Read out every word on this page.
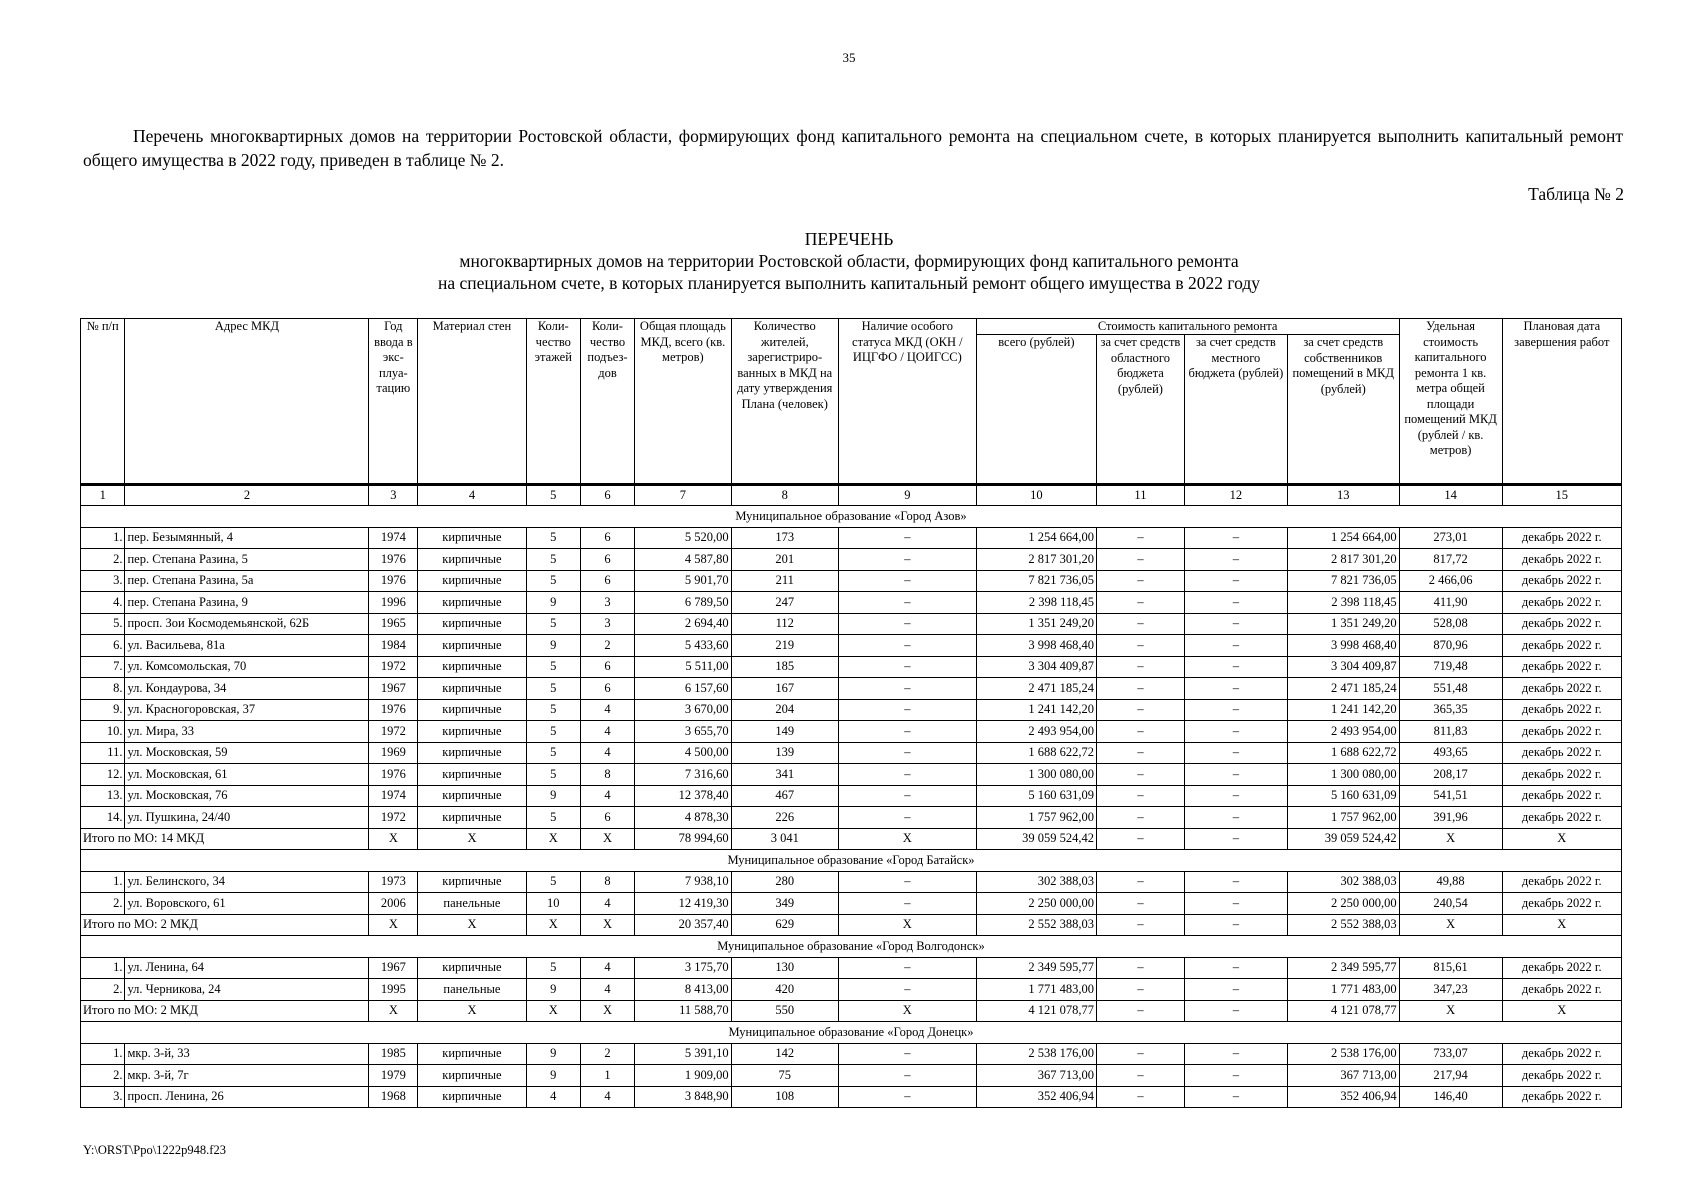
35
Перечень многоквартирных домов на территории Ростовской области, формирующих фонд капитального ремонта на специальном счете, в которых планируется выполнить капитальный ремонт общего имущества в 2022 году, приведен в таблице № 2.
Таблица № 2
ПЕРЕЧЕНЬ
многоквартирных домов на территории Ростовской области, формирующих фонд капитального ремонта
на специальном счете, в которых планируется выполнить капитальный ремонт общего имущества в 2022 году
№ п/п	Адрес МКД	Год ввода в экс- плуа- тацию	Материал стен	Коли- чество этажей	Коли- чество подъез- дов	Общая площадь МКД, всего (кв. метров)	Количество жителей, зарегистриро- ванных в МКД на дату утверждения Плана (человек)	Наличие особого статуса МКД (ОКН / ИЦГФО / ЦОИГСС)	Стоимость капитального ремонта				Удельная стоимость капитального ремонта 1 кв. метра общей площади помещений МКД (рублей / кв. метров)	Плановая дата завершения работ
									всего (рублей)	за счет средств областного бюджета (рублей)	за счет средств местного бюджета (рублей)	за счет средств собственников помещений в МКД (рублей)		
1	2	3	4	5	6	7	8	9	10	11	12	13	14	15
Муниципальное образование «Город Азов»														
1.	пер. Безымянный, 4	1974	кирпичные	5	6	5 520,00	173	–	1 254 664,00	–	–	1 254 664,00	273,01	декабрь 2022 г.
2.	пер. Степана Разина, 5	1976	кирпичные	5	6	4 587,80	201	–	2 817 301,20	–	–	2 817 301,20	817,72	декабрь 2022 г.
3.	пер. Степана Разина, 5а	1976	кирпичные	5	6	5 901,70	211	–	7 821 736,05	–	–	7 821 736,05	2 466,06	декабрь 2022 г.
4.	пер. Степана Разина, 9	1996	кирпичные	9	3	6 789,50	247	–	2 398 118,45	–	–	2 398 118,45	411,90	декабрь 2022 г.
5.	просп. Зои Космодемьянской, 62Б	1965	кирпичные	5	3	2 694,40	112	–	1 351 249,20	–	–	1 351 249,20	528,08	декабрь 2022 г.
6.	ул. Васильева, 81а	1984	кирпичные	9	2	5 433,60	219	–	3 998 468,40	–	–	3 998 468,40	870,96	декабрь 2022 г.
7.	ул. Комсомольская, 70	1972	кирпичные	5	6	5 511,00	185	–	3 304 409,87	–	–	3 304 409,87	719,48	декабрь 2022 г.
8.	ул. Кондаурова, 34	1967	кирпичные	5	6	6 157,60	167	–	2 471 185,24	–	–	2 471 185,24	551,48	декабрь 2022 г.
9.	ул. Красногоровская, 37	1976	кирпичные	5	4	3 670,00	204	–	1 241 142,20	–	–	1 241 142,20	365,35	декабрь 2022 г.
10.	ул. Мира, 33	1972	кирпичные	5	4	3 655,70	149	–	2 493 954,00	–	–	2 493 954,00	811,83	декабрь 2022 г.
11.	ул. Московская, 59	1969	кирпичные	5	4	4 500,00	139	–	1 688 622,72	–	–	1 688 622,72	493,65	декабрь 2022 г.
12.	ул. Московская, 61	1976	кирпичные	5	8	7 316,60	341	–	1 300 080,00	–	–	1 300 080,00	208,17	декабрь 2022 г.
13.	ул. Московская, 76	1974	кирпичные	9	4	12 378,40	467	–	5 160 631,09	–	–	5 160 631,09	541,51	декабрь 2022 г.
14.	ул. Пушкина, 24/40	1972	кирпичные	5	6	4 878,30	226	–	1 757 962,00	–	–	1 757 962,00	391,96	декабрь 2022 г.
Итого по МО: 14 МКД		X	X	X	X	78 994,60	3 041	X	39 059 524,42	–	–	39 059 524,42	X	X
Муниципальное образование «Город Батайск»														
1.	ул. Белинского, 34	1973	кирпичные	5	8	7 938,10	280	–	302 388,03	–	–	302 388,03	49,88	декабрь 2022 г.
2.	ул. Воровского, 61	2006	панельные	10	4	12 419,30	349	–	2 250 000,00	–	–	2 250 000,00	240,54	декабрь 2022 г.
Итого по МО: 2 МКД		X	X	X	X	20 357,40	629	X	2 552 388,03	–	–	2 552 388,03	X	X
Муниципальное образование «Город Волгодонск»														
1.	ул. Ленина, 64	1967	кирпичные	5	4	3 175,70	130	–	2 349 595,77	–	–	2 349 595,77	815,61	декабрь 2022 г.
2.	ул. Черникова, 24	1995	панельные	9	4	8 413,00	420	–	1 771 483,00	–	–	1 771 483,00	347,23	декабрь 2022 г.
Итого по МО: 2 МКД		X	X	X	X	11 588,70	550	X	4 121 078,77	–	–	4 121 078,77	X	X
Муниципальное образование «Город Донецк»														
1.	мкр. 3-й, 33	1985	кирпичные	9	2	5 391,10	142	–	2 538 176,00	–	–	2 538 176,00	733,07	декабрь 2022 г.
2.	мкр. 3-й, 7г	1979	кирпичные	9	1	1 909,00	75	–	367 713,00	–	–	367 713,00	217,94	декабрь 2022 г.
3.	просп. Ленина, 26	1968	кирпичные	4	4	3 848,90	108	–	352 406,94	–	–	352 406,94	146,40	декабрь 2022 г.
Y:\ORST\Ppo\1222p948.f23
